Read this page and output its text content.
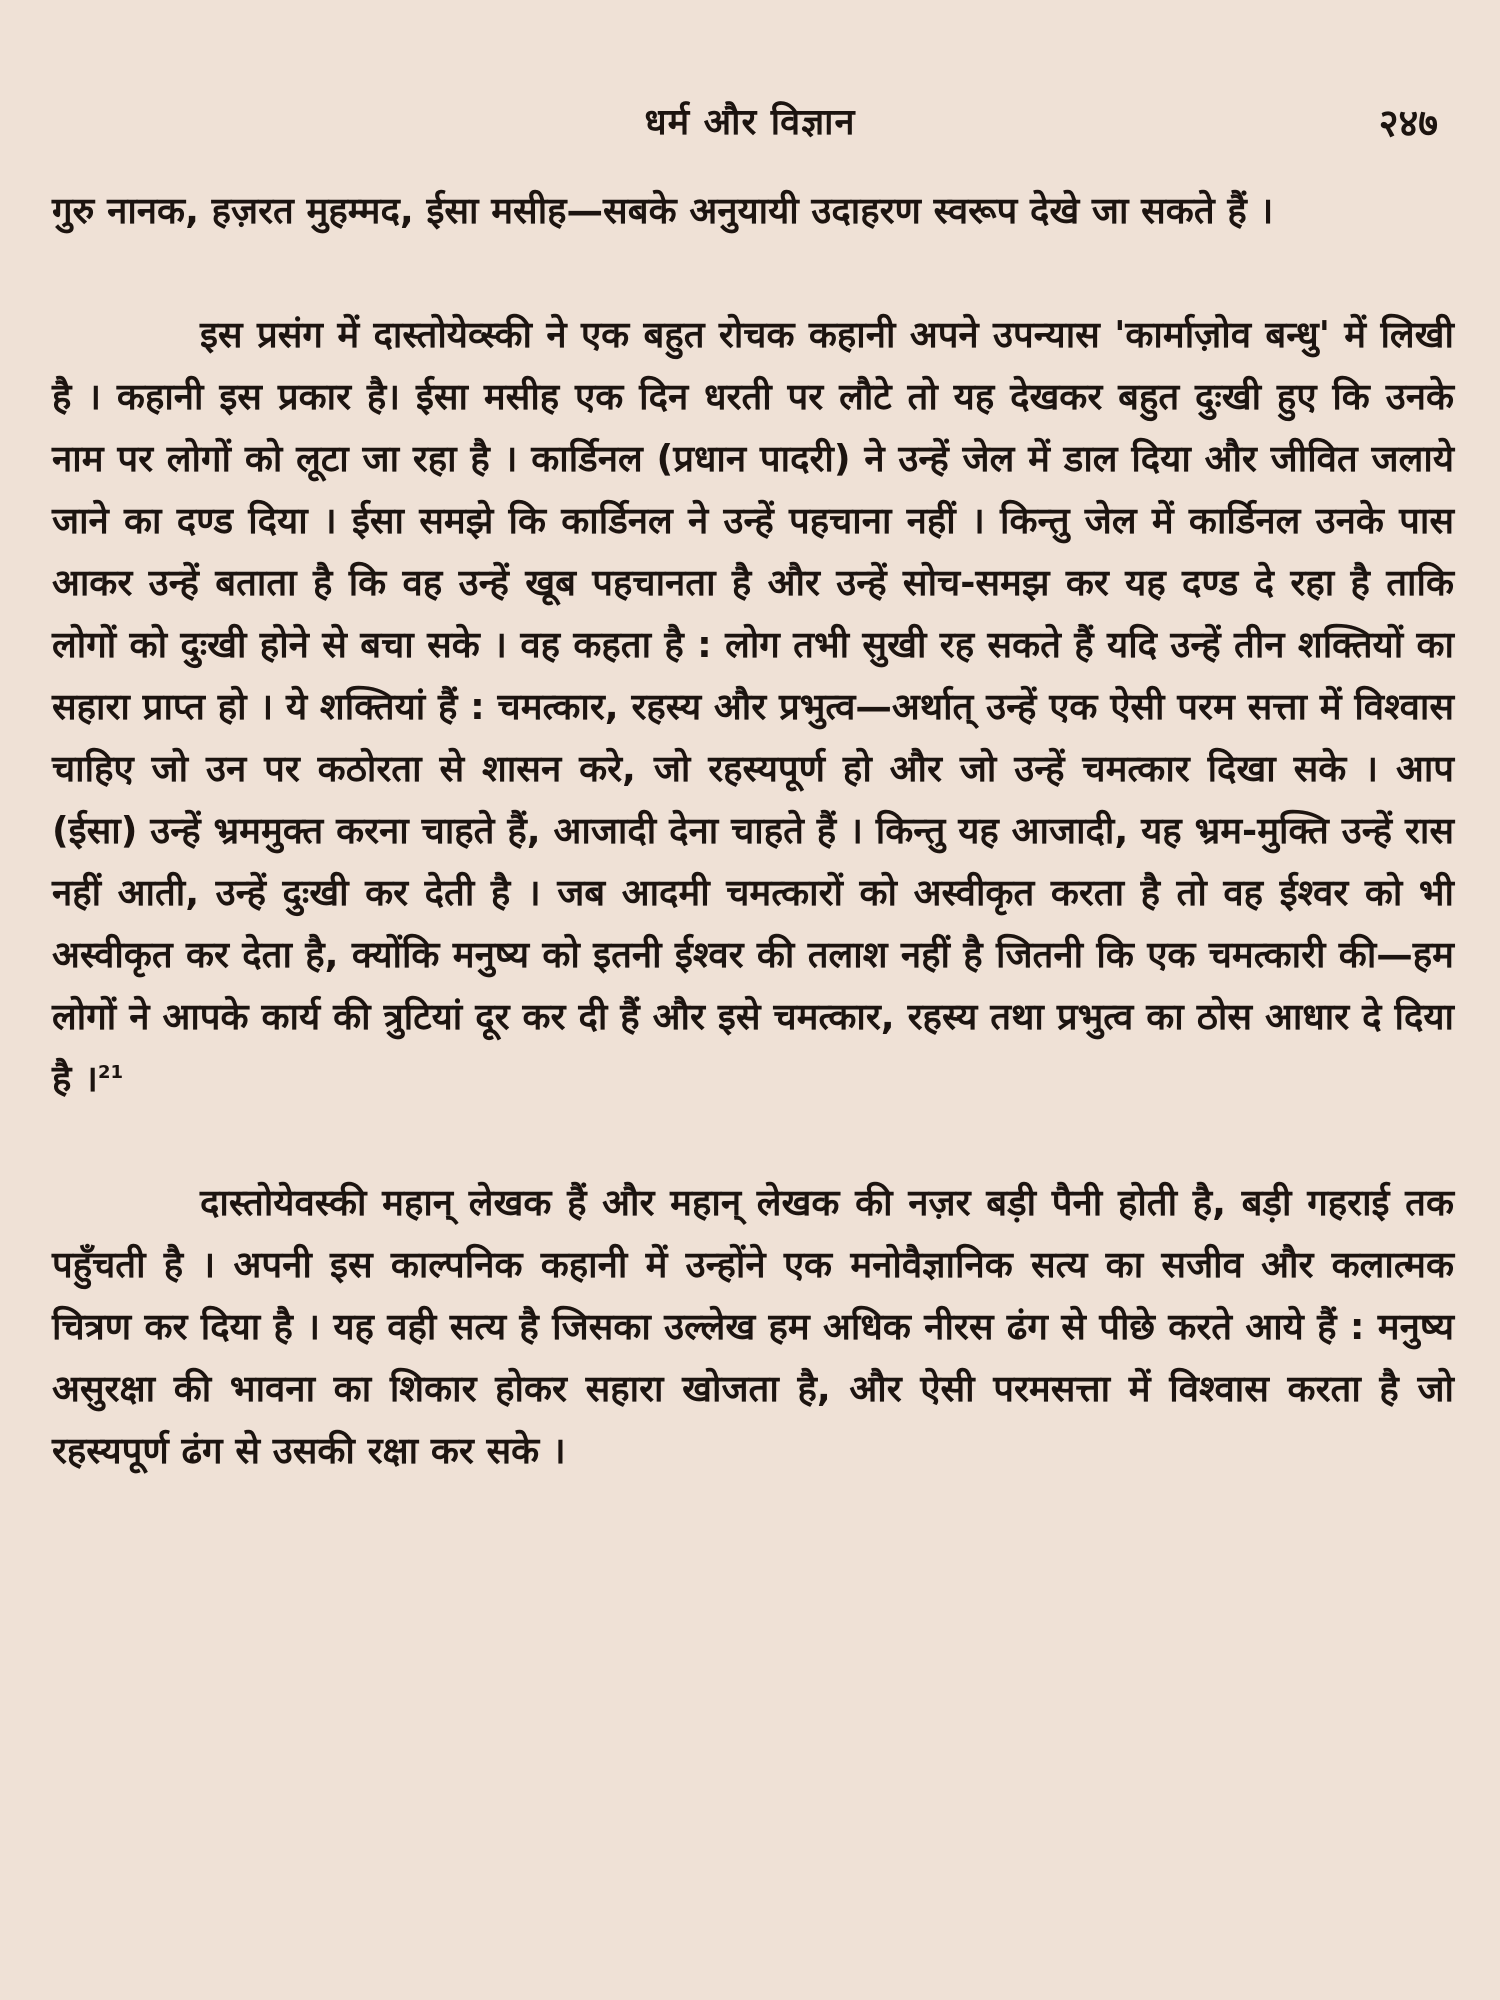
धर्म और विज्ञान	२४७

गुरु नानक, हज़रत मुहम्मद, ईसा मसीह—सबके अनुयायी उदाहरण स्वरूप देखे जा सकते हैं ।

इस प्रसंग में दास्तोयेव्स्की ने एक बहुत रोचक कहानी अपने उपन्यास 'कार्माज़ोव बन्धु' में लिखी है । कहानी इस प्रकार है। ईसा मसीह एक दिन धरती पर लौटे तो यह देखकर बहुत दुःखी हुए कि उनके नाम पर लोगों को लूटा जा रहा है । कार्डिनल (प्रधान पादरी) ने उन्हें जेल में डाल दिया और जीवित जलाये जाने का दण्ड दिया । ईसा समझे कि कार्डिनल ने उन्हें पहचाना नहीं । किन्तु जेल में कार्डिनल उनके पास आकर उन्हें बताता है कि वह उन्हें खूब पहचानता है और उन्हें सोच-समझ कर यह दण्ड दे रहा है ताकि लोगों को दुःखी होने से बचा सके । वह कहता है : लोग तभी सुखी रह सकते हैं यदि उन्हें तीन शक्तियों का सहारा प्राप्त हो । ये शक्तियां हैं : चमत्कार, रहस्य और प्रभुत्व—अर्थात् उन्हें एक ऐसी परम सत्ता में विश्वास चाहिए जो उन पर कठोरता से शासन करे, जो रहस्यपूर्ण हो और जो उन्हें चमत्कार दिखा सके । आप (ईसा) उन्हें भ्रममुक्त करना चाहते हैं, आजादी देना चाहते हैं । किन्तु यह आजादी, यह भ्रम-मुक्ति उन्हें रास नहीं आती, उन्हें दुःखी कर देती है । जब आदमी चमत्कारों को अस्वीकृत करता है तो वह ईश्वर को भी अस्वीकृत कर देता है, क्योंकि मनुष्य को इतनी ईश्वर की तलाश नहीं है जितनी कि एक चमत्कारी की—हम लोगों ने आपके कार्य की त्रुटियां दूर कर दी हैं और इसे चमत्कार, रहस्य तथा प्रभुत्व का ठोस आधार दे दिया है ।$^{21}$

दास्तोयेवस्की महान् लेखक हैं और महान् लेखक की नज़र बड़ी पैनी होती है, बड़ी गहराई तक पहुँचती है । अपनी इस काल्पनिक कहानी में उन्होंने एक मनोवैज्ञानिक सत्य का सजीव और कलात्मक चित्रण कर दिया है । यह वही सत्य है जिसका उल्लेख हम अधिक नीरस ढंग से पीछे करते आये हैं : मनुष्य असुरक्षा की भावना का शिकार होकर सहारा खोजता है, और ऐसी परमसत्ता में विश्वास करता है जो रहस्यपूर्ण ढंग से उसकी रक्षा कर सके ।
